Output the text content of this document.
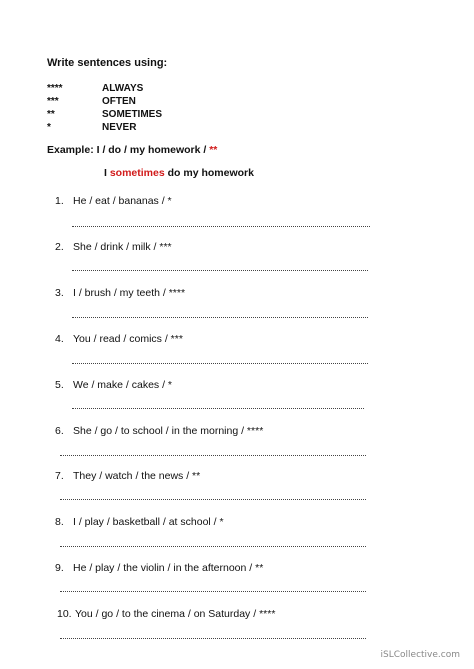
Write sentences using:
****	ALWAYS
***	OFTEN
**	SOMETIMES
*	NEVER
Example: I / do / my homework / **
I sometimes do my homework
1. He / eat / bananas / *
2. She / drink / milk / ***
3. I / brush / my teeth / ****
4. You / read / comics / ***
5. We / make / cakes / *
6. She / go / to school / in the morning / ****
7. They / watch / the news / **
8. I / play / basketball / at school / *
9. He / play / the violin / in the afternoon / **
10. You / go / to the cinema / on Saturday / ****
iSLCollective.com
